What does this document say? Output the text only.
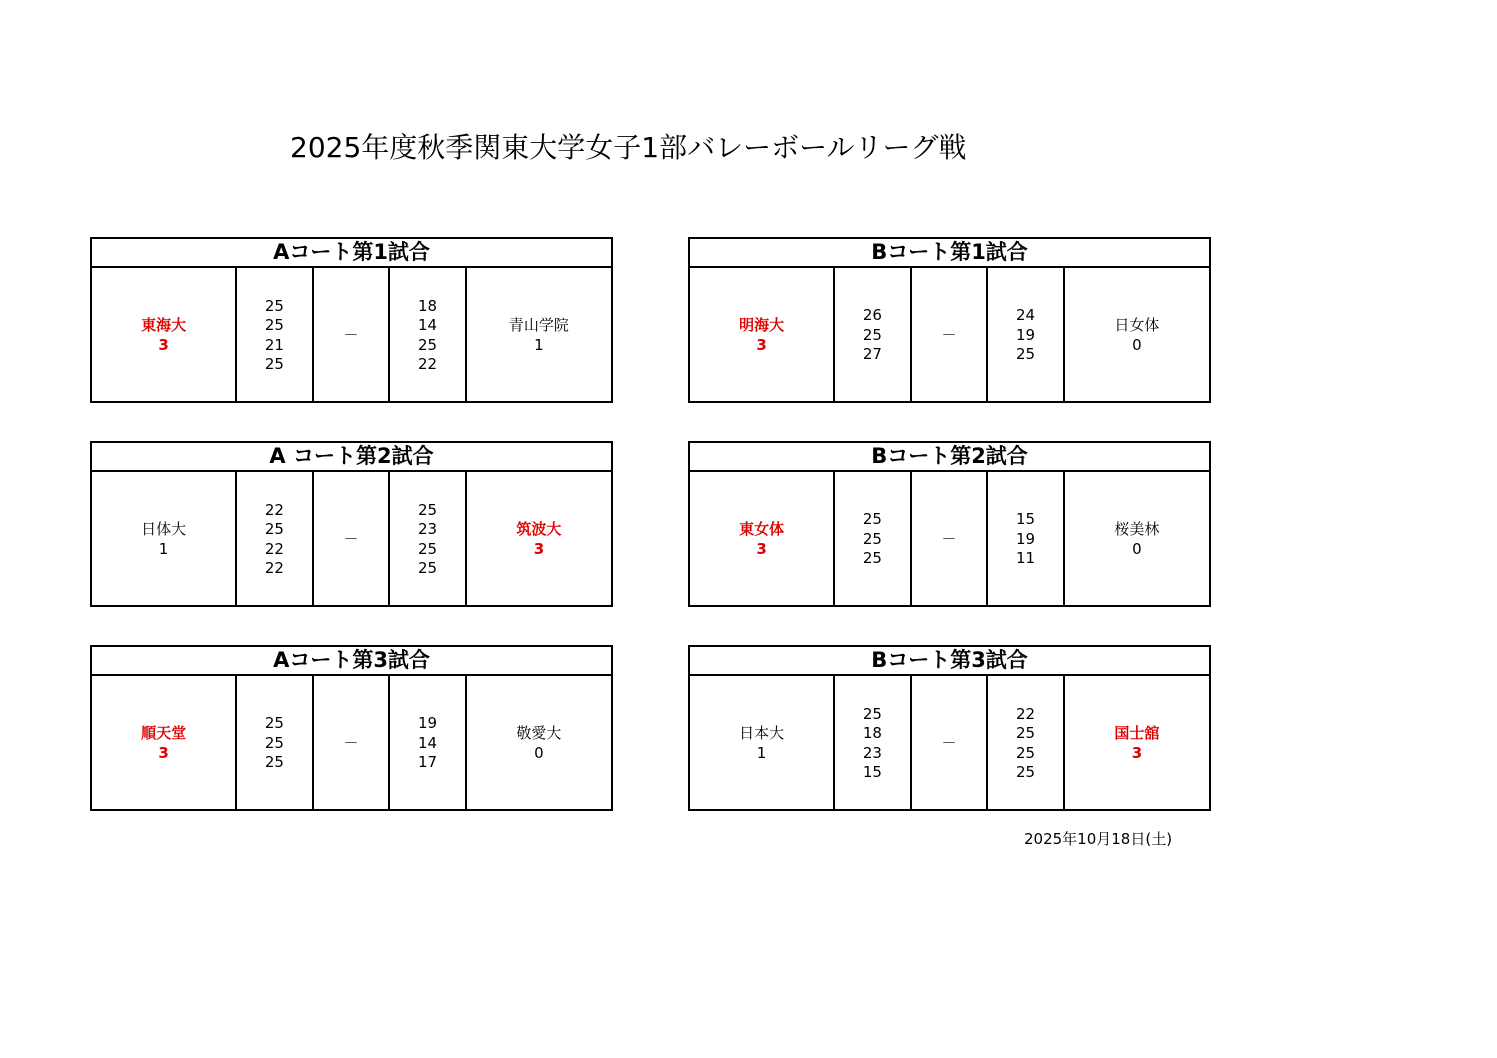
2025年度秋季関東大学女子1部バレーボールリーグ戦
Aコート第1試合
東海大
3
25
25
21
25
－
18
14
25
22
青山学院
1
Bコート第1試合
明海大
3
26
25
27
－
24
19
25
日女体
0
A コート第2試合
日体大
1
22
25
22
22
－
25
23
25
25
筑波大
3
Bコート第2試合
東女体
3
25
25
25
－
15
19
11
桜美林
0
Aコート第3試合
順天堂
3
25
25
25
－
19
14
17
敬愛大
0
Bコート第3試合
日本大
1
25
18
23
15
－
22
25
25
25
国士舘
3
2025年10月18日(土)
